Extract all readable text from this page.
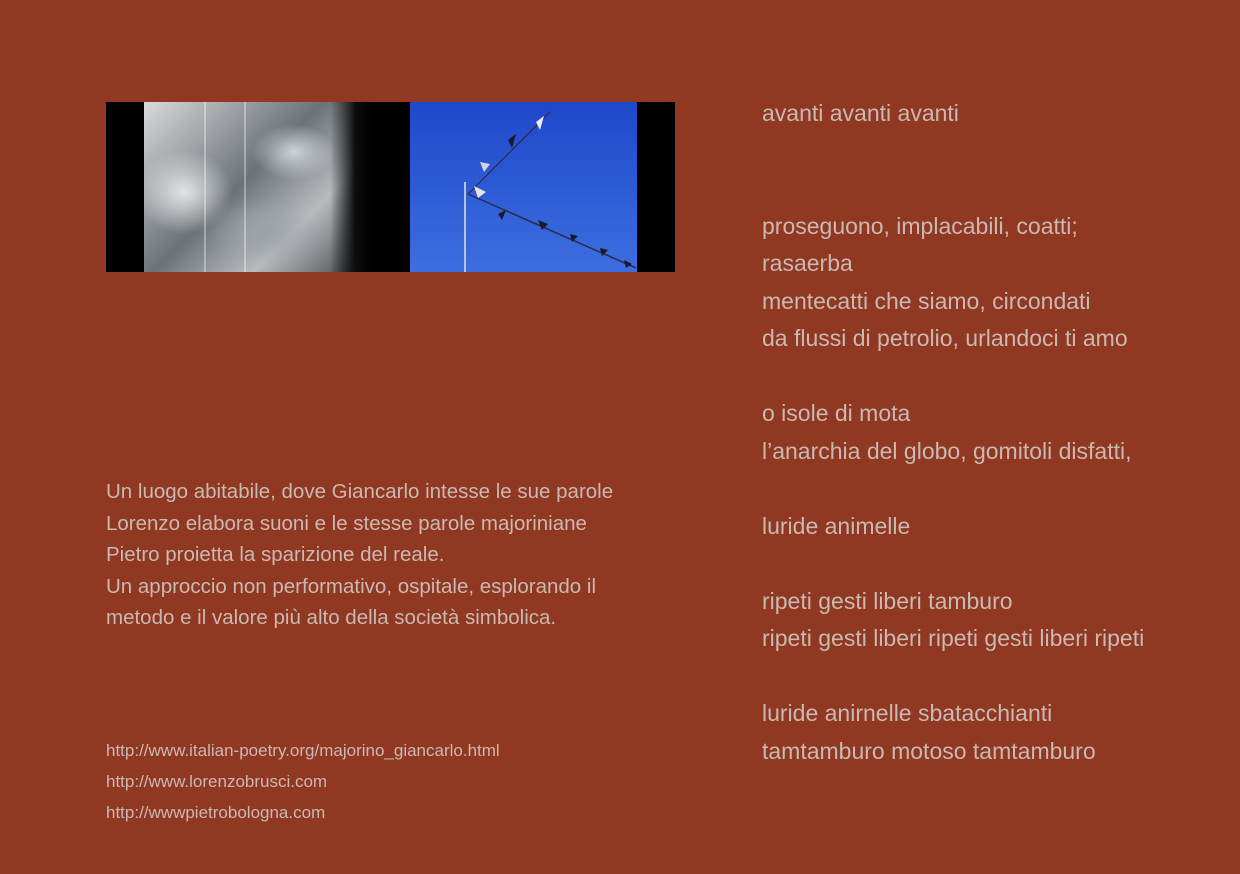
avanti avanti avanti
proseguono, implacabili, coatti;
rasaerba
mentecatti che siamo, circondati
da flussi di petrolio, urlandoci ti amo
o isole di mota
l’anarchia del globo, gomitoli disfatti,
luride animelle
ripeti gesti liberi tamburo
ripeti gesti liberi ripeti gesti liberi ripeti
luride anirnelle sbatacchianti
tamtamburo motoso tamtamburo
Un luogo abitabile, dove Giancarlo intesse le sue parole
Lorenzo elabora suoni e le stesse parole majoriniane
Pietro proietta la sparizione del reale.
Un approccio non performativo, ospitale, esplorando il
metodo e il valore più alto della società simbolica.
http://www.italian-poetry.org/majorino_giancarlo.html
http://www.lorenzobrusci.com
http://wwwpietrobologna.com
